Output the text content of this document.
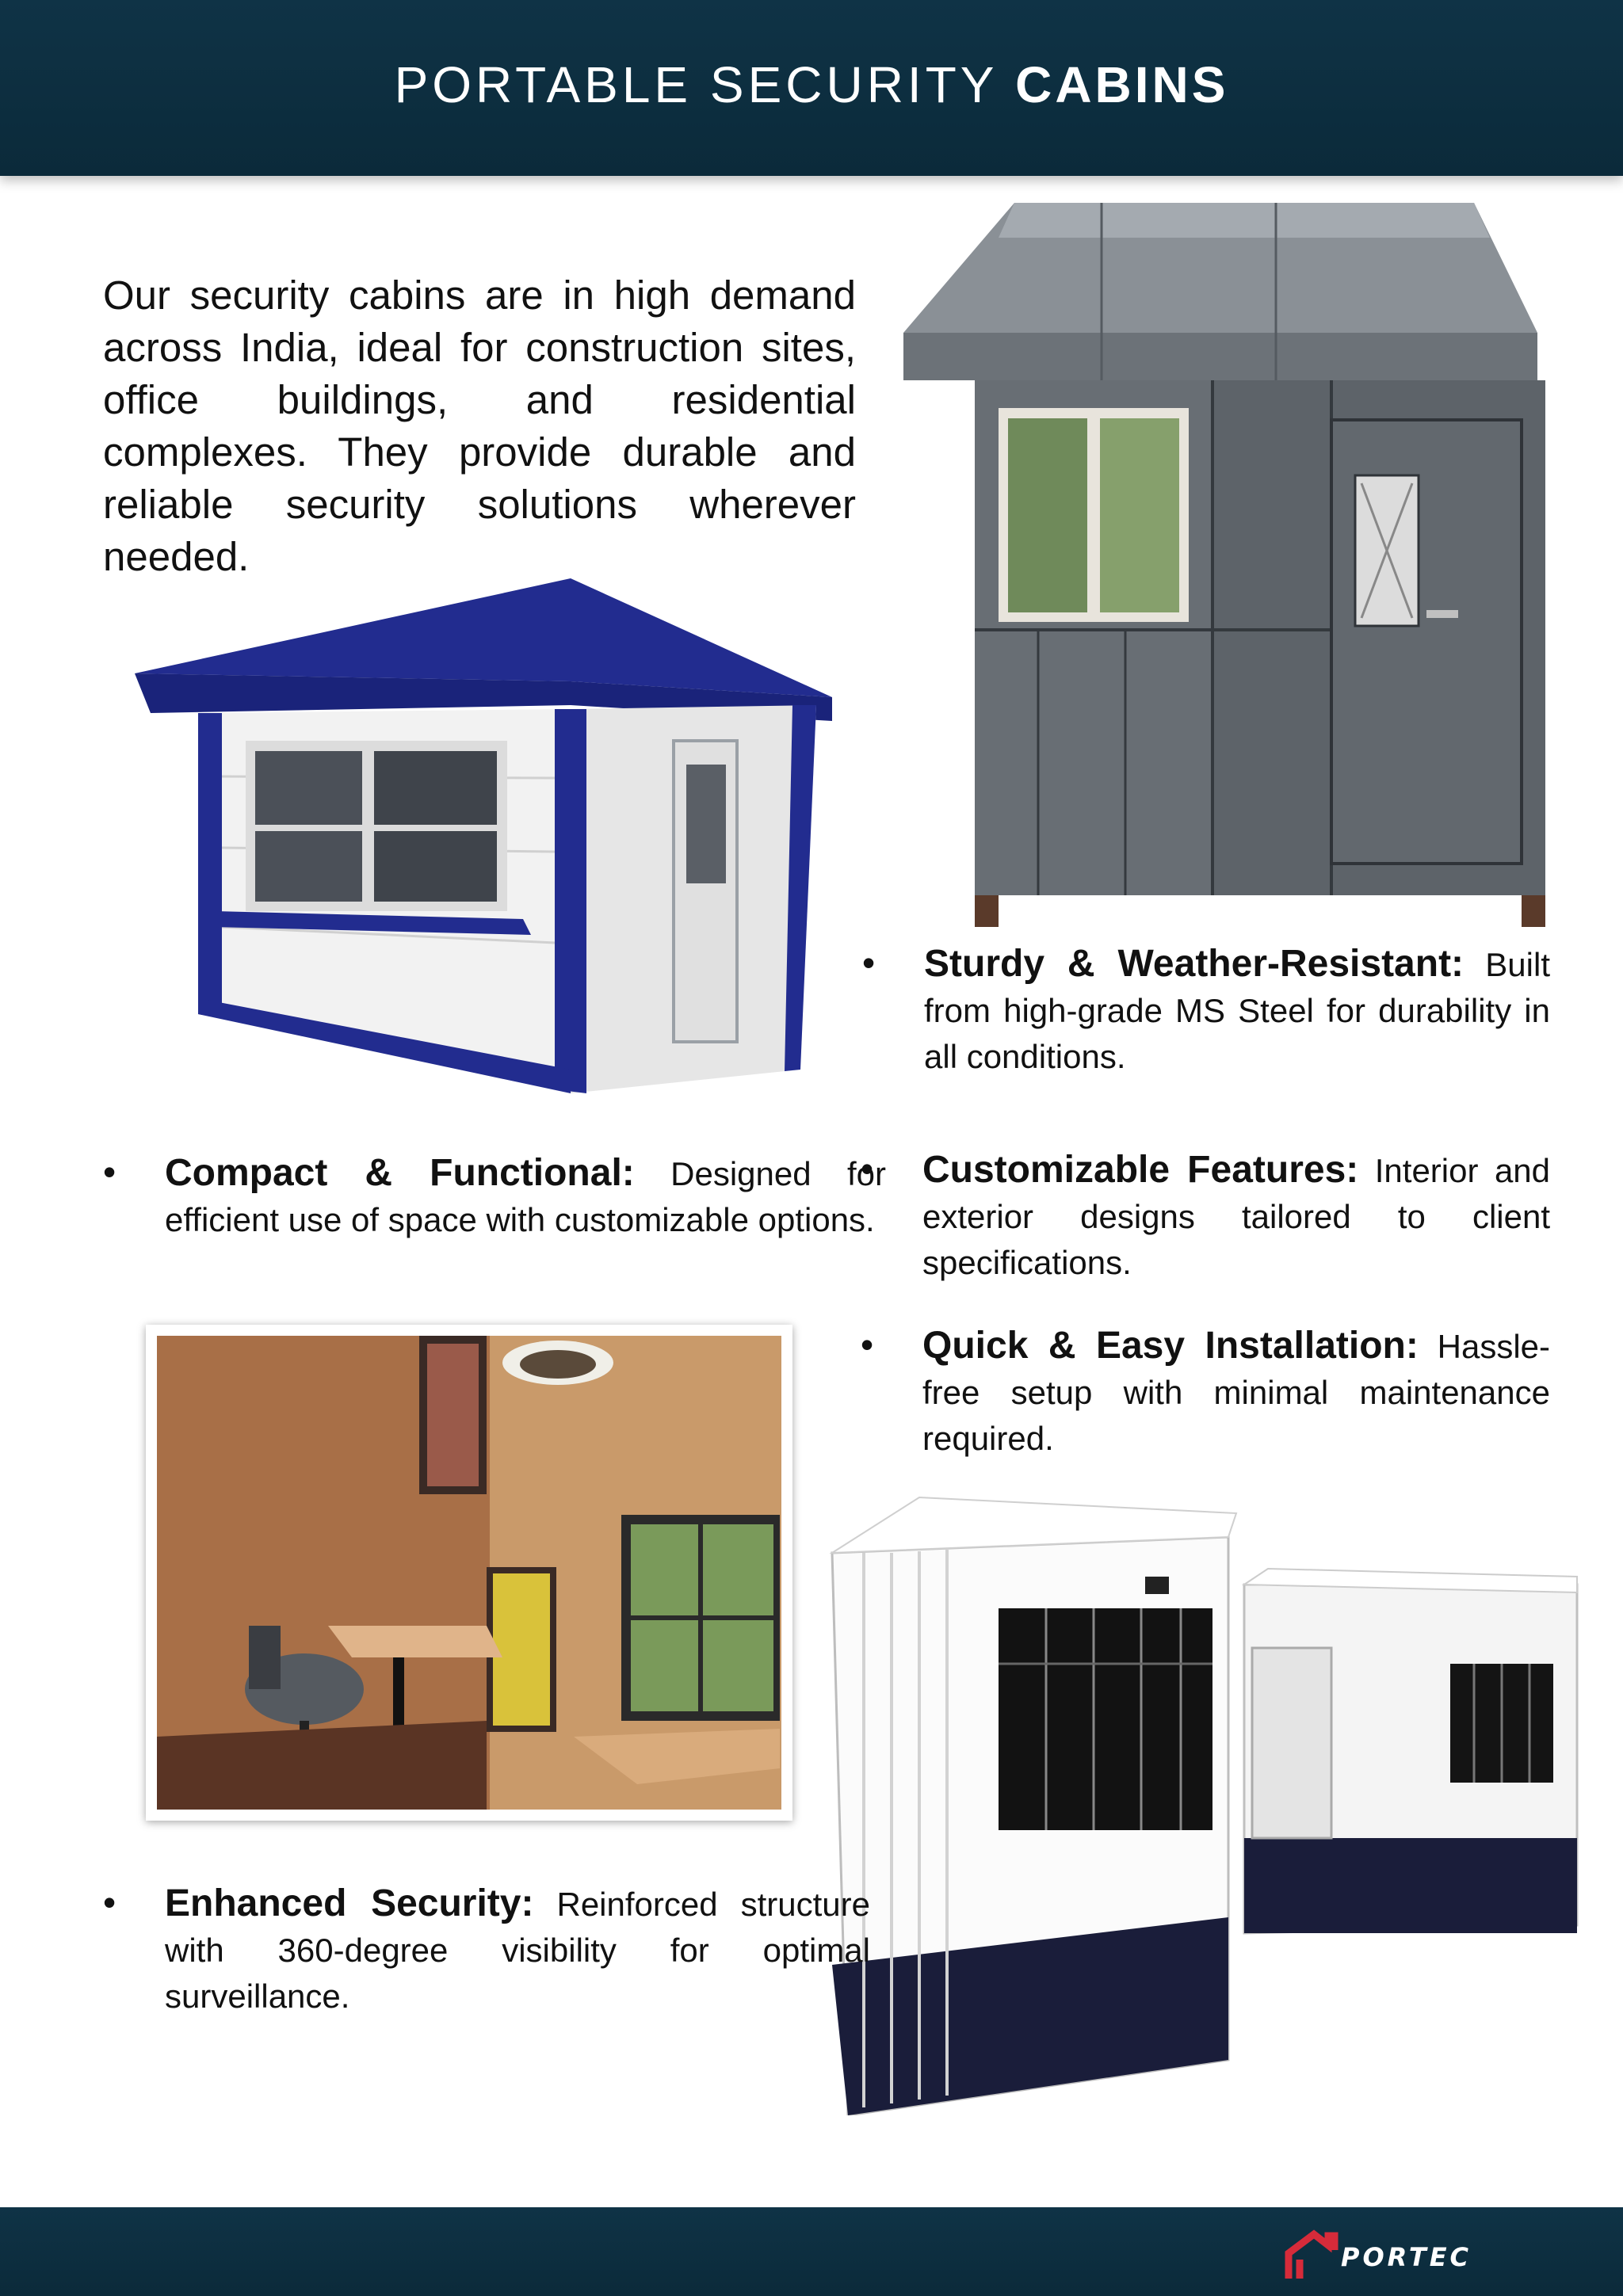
PORTABLE SECURITY CABINS

Our security cabins are in high demand across India, ideal for construction sites, office buildings, and residential complexes. They provide durable and reliable security solutions wherever needed.

• Sturdy & Weather-Resistant: Built from high-grade MS Steel for durability in all conditions.

• Compact & Functional: Designed for efficient use of space with customizable options.

• Customizable Features: Interior and exterior designs tailored to client specifications.

• Quick & Easy Installation: Hassle-free setup with minimal maintenance required.

• Enhanced Security: Reinforced structure with 360-degree visibility for optimal surveillance.

PORTEC
